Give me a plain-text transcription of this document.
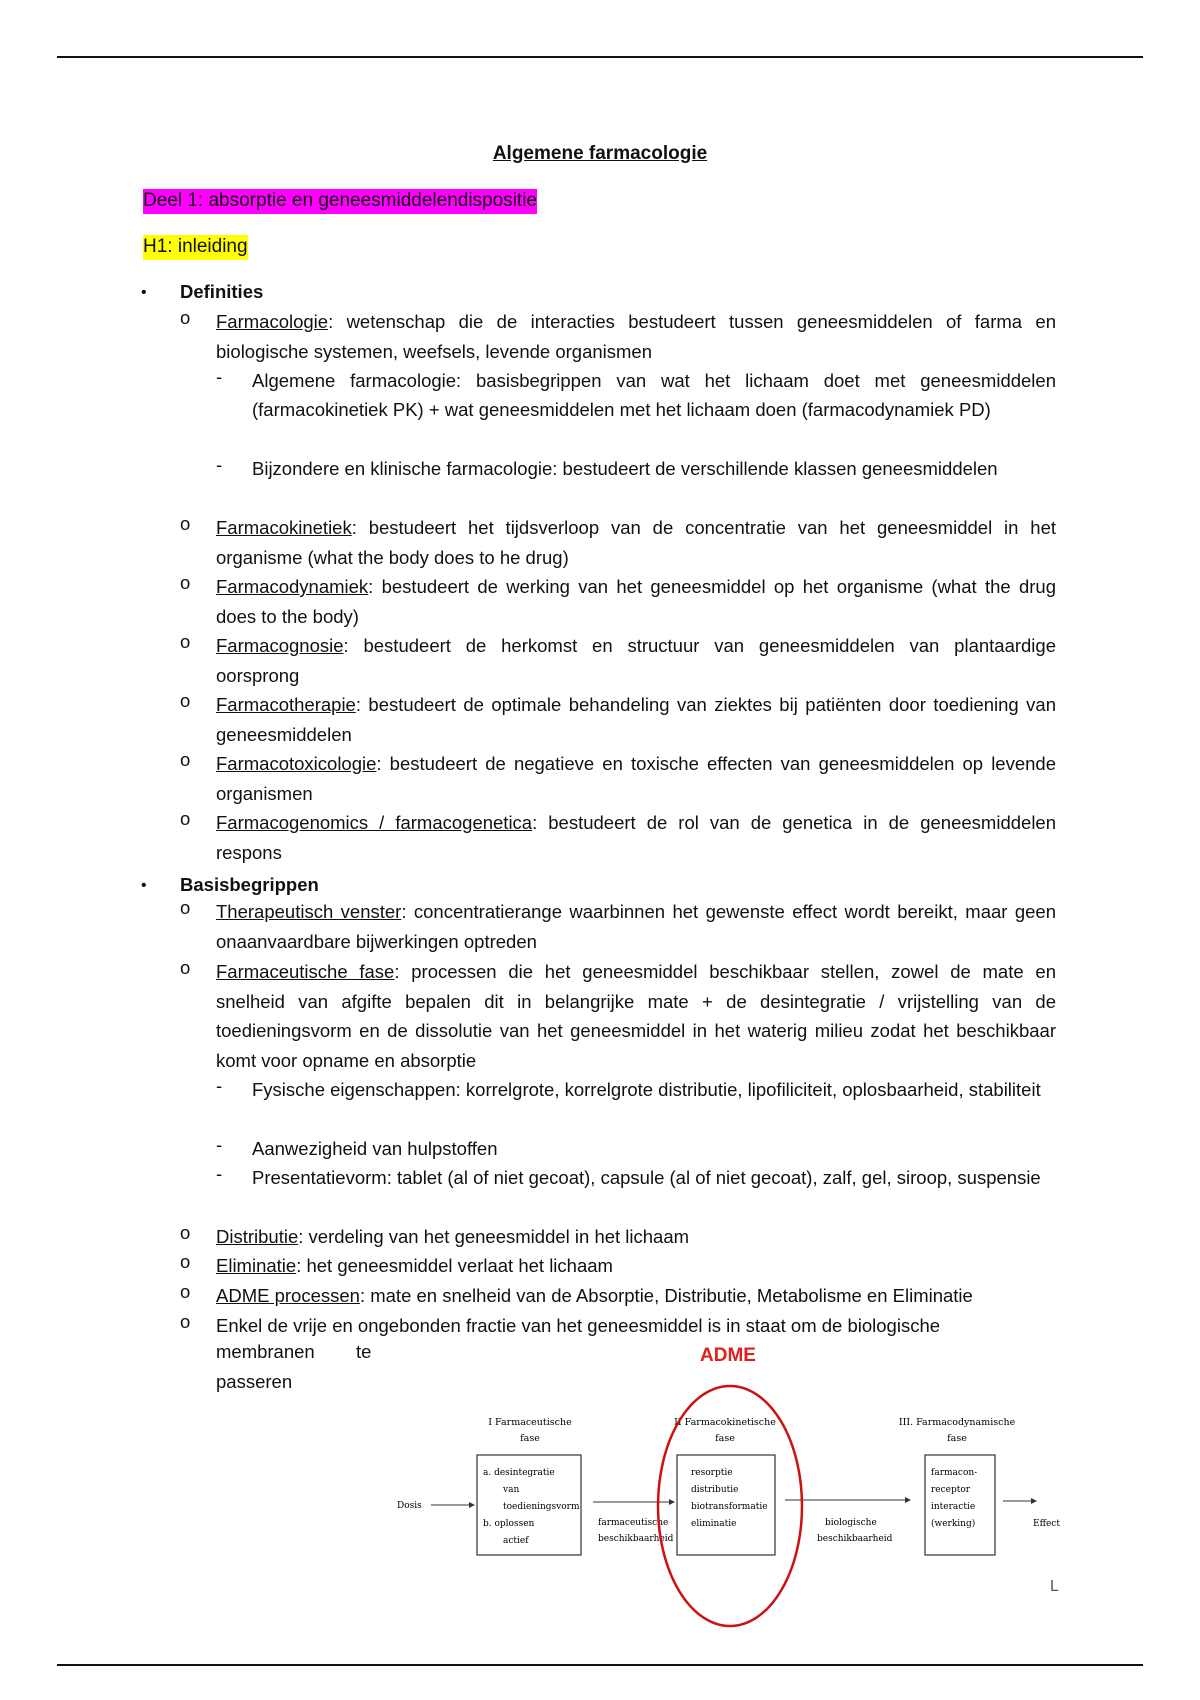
Algemene farmacologie
Deel 1: absorptie en geneesmiddelendispositie
H1: inleiding
• Definities
o	Farmacologie: wetenschap die de interacties bestudeert tussen geneesmiddelen of farma en biologische systemen, weefsels, levende organismen
- Algemene farmacologie: basisbegrippen van wat het lichaam doet met geneesmiddelen (farmacokinetiek PK) + wat geneesmiddelen met het lichaam doen (farmacodynamiek PD)
- Bijzondere en klinische farmacologie: bestudeert de verschillende klassen geneesmiddelen
o	Farmacokinetiek: bestudeert het tijdsverloop van de concentratie van het geneesmiddel in het organisme (what the body does to he drug)
o	Farmacodynamiek: bestudeert de werking van het geneesmiddel op het organisme (what the drug does to the body)
o	Farmacognosie: bestudeert de herkomst en structuur van geneesmiddelen van plantaardige oorsprong
o	Farmacotherapie: bestudeert de optimale behandeling van ziektes bij patiënten door toediening van geneesmiddelen
o	Farmacotoxicologie: bestudeert de negatieve en toxische effecten van geneesmiddelen op levende organismen
o	Farmacogenomics / farmacogenetica: bestudeert de rol van de genetica in de geneesmiddelen respons
• Basisbegrippen
o	Therapeutisch venster: concentratierange waarbinnen het gewenste effect wordt bereikt, maar geen onaanvaardbare bijwerkingen optreden
o	Farmaceutische fase: processen die het geneesmiddel beschikbaar stellen, zowel de mate en snelheid van afgifte bepalen dit in belangrijke mate + de desintegratie / vrijstelling van de toedieningsvorm en de dissolutie van het geneesmiddel in het waterig milieu zodat het beschikbaar komt voor opname en absorptie
- Fysische eigenschappen: korrelgrote, korrelgrote distributie, lipofiliciteit, oplosbaarheid, stabiliteit
- Aanwezigheid van hulpstoffen
- Presentatievorm: tablet (al of niet gecoat), capsule (al of niet gecoat), zalf, gel, siroop, suspensie
o	Distributie: verdeling van het geneesmiddel in het lichaam
o	Eliminatie: het geneesmiddel verlaat het lichaam
o	ADME processen: mate en snelheid van de Absorptie, Distributie, Metabolisme en Eliminatie
o	Enkel de vrije en ongebonden fractie van het geneesmiddel is in staat om de biologische
membranen te
passeren
ADME
I Farmaceutische
fase
II Farmacokinetische
fase
III. Farmacodynamische
fase
a. desintegratie
van
toedieningsvorm
b. oplossen
actief
resorptie
distributie
biotransformatie
eliminatie
farmacon-
receptor
interactie
(werking)
Dosis
farmaceutische
beschikbaarheid
biologische
beschikbaarheid
Effect
L
